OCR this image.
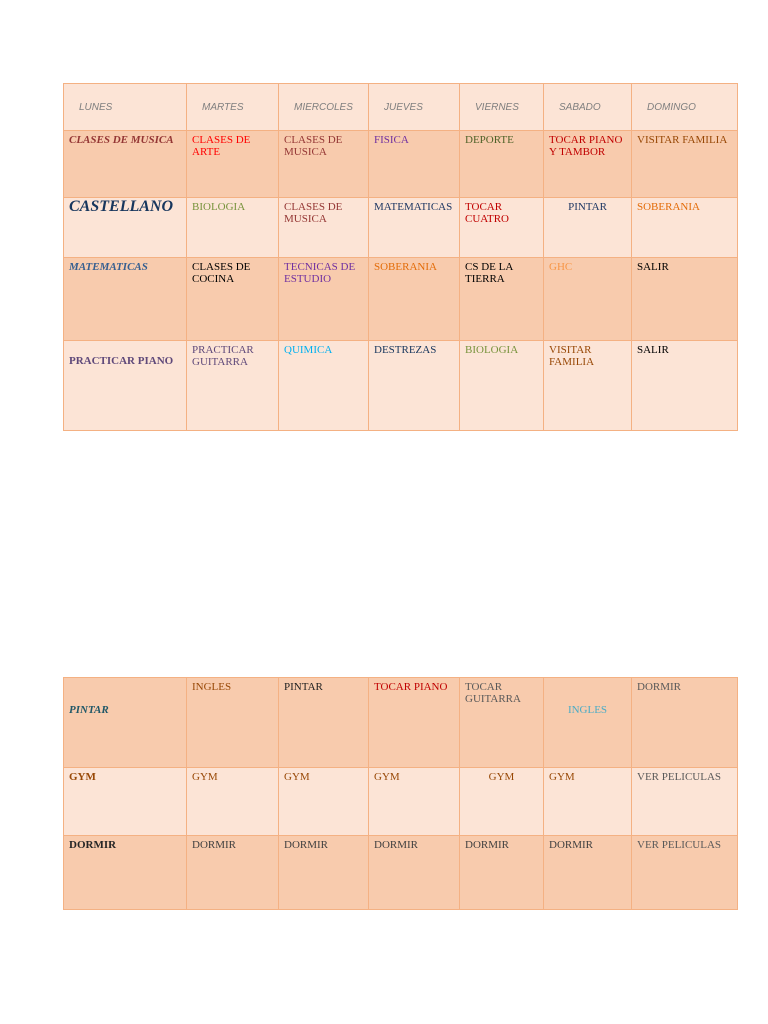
LUNES	MARTES	MIERCOLES	JUEVES	VIERNES	SABADO	DOMINGO
CLASES DE MUSICA	CLASES DE ARTE	CLASES DE MUSICA	FISICA	DEPORTE	TOCAR PIANO Y TAMBOR	VISITAR FAMILIA
CASTELLANO	BIOLOGIA	CLASES DE MUSICA	MATEMATICAS	TOCAR CUATRO	PINTAR	SOBERANIA
MATEMATICAS	CLASES DE COCINA	TECNICAS DE ESTUDIO	SOBERANIA	CS DE LA TIERRA	GHC	SALIR
PRACTICAR PIANO	PRACTICAR GUITARRA	QUIMICA	DESTREZAS	BIOLOGIA	VISITAR FAMILIA	SALIR
PINTAR	INGLES	PINTAR	TOCAR PIANO	TOCAR GUITARRA	INGLES	DORMIR
GYM	GYM	GYM	GYM	GYM	GYM	VER PELICULAS
DORMIR	DORMIR	DORMIR	DORMIR	DORMIR	DORMIR	VER PELICULAS
